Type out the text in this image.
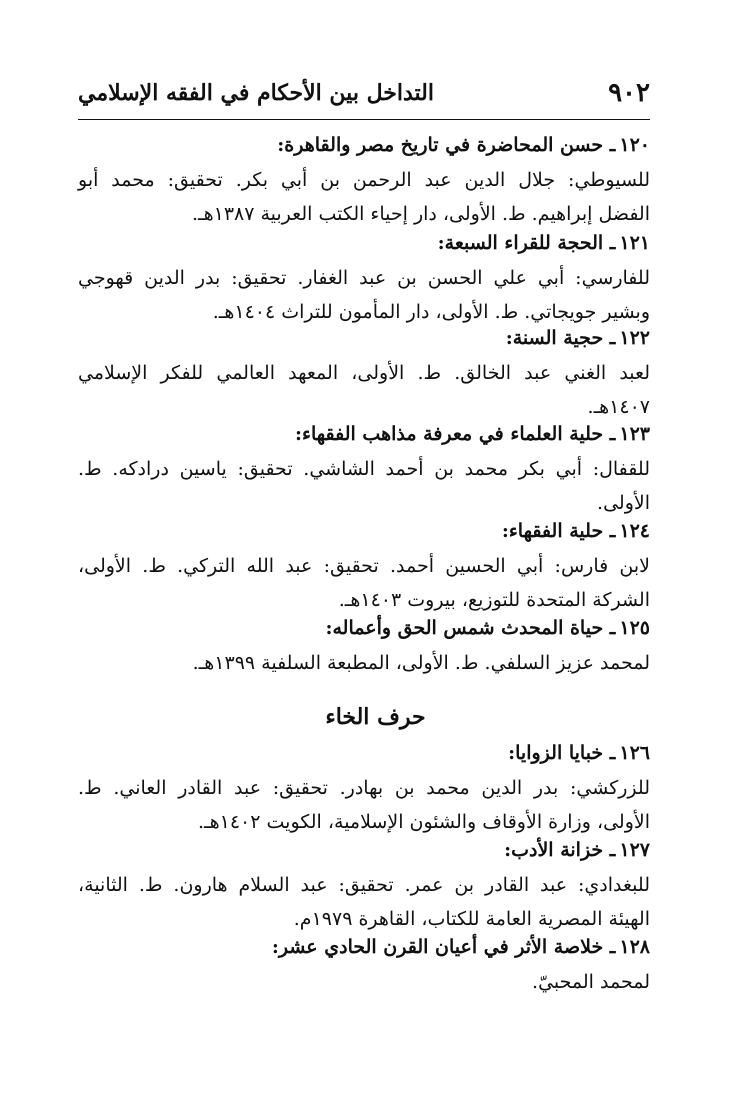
٩٠٢
التداخل بين الأحكام في الفقه الإسلامي
١٢٠ـ حسن المحاضرة في تاريخ مصر والقاهرة:
للسيوطي: جلال الدين عبد الرحمن بن أبي بكر. تحقيق: محمد أبو
الفضل إبراهيم. ط. الأولى، دار إحياء الكتب العربية ١٣٨٧هـ.
١٢١ـ الحجة للقراء السبعة:
للفارسي: أبي علي الحسن بن عبد الغفار. تحقيق: بدر الدين قهوجي
وبشير جويجاتي. ط. الأولى، دار المأمون للتراث ١٤٠٤هـ.
١٢٢ـ حجية السنة:
لعبد الغني عبد الخالق. ط. الأولى، المعهد العالمي للفكر الإسلامي
١٤٠٧هـ.
١٢٣ـ حلية العلماء في معرفة مذاهب الفقهاء:
للقفال: أبي بكر محمد بن أحمد الشاشي. تحقيق: ياسين درادكه. ط.
الأولى.
١٢٤ـ حلية الفقهاء:
لابن فارس: أبي الحسين أحمد. تحقيق: عبد الله التركي. ط. الأولى،
الشركة المتحدة للتوزيع، بيروت ١٤٠٣هـ.
١٢٥ـ حياة المحدث شمس الحق وأعماله:
لمحمد عزيز السلفي. ط. الأولى، المطبعة السلفية ١٣٩٩هـ.
حرف الخاء
١٢٦ـ خبايا الزوايا:
للزركشي: بدر الدين محمد بن بهادر. تحقيق: عبد القادر العاني. ط.
الأولى، وزارة الأوقاف والشئون الإسلامية، الكويت ١٤٠٢هـ.
١٢٧ـ خزانة الأدب:
للبغدادي: عبد القادر بن عمر. تحقيق: عبد السلام هارون. ط. الثانية،
الهيئة المصرية العامة للكتاب، القاهرة ١٩٧٩م.
١٢٨ـ خلاصة الأثر في أعيان القرن الحادي عشر:
لمحمد المحبيّ.
